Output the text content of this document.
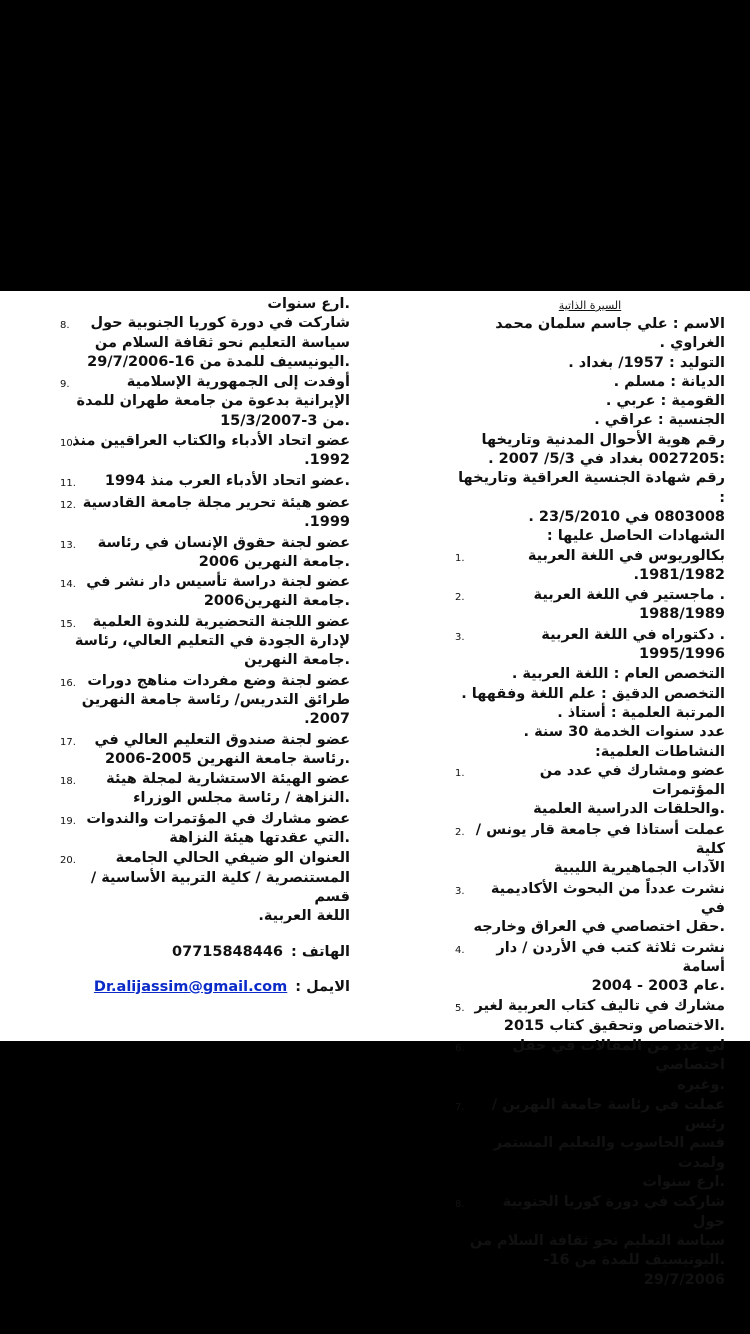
السيرة الذاتية
الاسم : علي جاسم سلمان محمد الغراوي .
التوليد : 1957/ بغداد .
الديانة : مسلم .
القومية : عربي .
الجنسية : عراقي .
رقم هوية الأحوال المدنية وتاريخها
:0027205 بغداد في 5/3/ 2007 .
رقم شهادة الجنسية العراقية وتاريخها :
0803008 في 23/5/2010 .
الشهادات الحاصل عليها :
1.	بكالوريوس في اللغة العربية
1981/1982.
2.	. ماجستير في اللغة العربية 1988/1989
3.	. دكتوراه في اللغة العربية 1995/1996
التخصص العام : اللغة العربية .
التخصص الدقيق : علم اللغة وفقهها .
المرتبة العلمية : أستاذ .
عدد سنوات الخدمة 30 سنة .
النشاطات العلمية:
1.	عضو ومشارك في عدد من المؤتمرات
.والحلقات الدراسية العلمية
2. عملت أستاذا في جامعة قار يونس / كلية
الآداب الجماهيرية الليبية
3.	نشرت عدداً من البحوث الأكاديمية في
.حقل اختصاصي في العراق وخارجه
4.	نشرت ثلاثة كتب في الأردن / دار أسامة
.عام 2003 - 2004
5. مشارك في تاليف كتاب العربية لغير
.الاختصاص وتحقيق كتاب 2015
6.	لي عدد من المقالات في حقل اختصاصي
.وغيره
7.	عملت في رئاسة جامعة النهرين / رئيس
قسم الحاسوب والتعليم المستمر ولمدت
.ارع سنوات
8.	شاركت في دورة كوريا الجنوبية حول
سياسة التعليم نحو ثقافة السلام من
.اليونيسيف للمدة من 16-29/7/2006
.ارع سنوات
8.	شاركت في دورة كوريا الجنوبية حول
سياسة التعليم نحو ثقافة السلام من
.اليونيسيف للمدة من 16-29/7/2006
9.	أوفدت إلى الجمهورية الإسلامية
الإيرانية بدعوة من جامعة طهران للمدة
.من 3-15/3/2007
10.
عضو اتحاد الأدباء والكتاب العراقيين منذ
1992.
11.	.عضو اتحاد الأدباء العرب منذ 1994
12. عضو هيئة تحرير مجلة جامعة القادسية
1999.
13.	عضو لجنة حقوق الإنسان في رئاسة
.جامعة النهرين 2006
14. عضو لجنة دراسة تأسيس دار نشر في
.جامعة النهرين2006
15.	عضو اللجنة التحضيرية للندوة العلمية
لإدارة الجودة في التعليم العالي، رئاسة
.جامعة النهرين
16. عضو لجنة وضع مفردات مناهج دورات
طرائق التدريس/ رئاسة جامعة النهرين
2007.
17.	عضو لجنة صندوق التعليم العالي في
.رئاسة جامعة النهرين 2005-2006
18.	عضو الهيئة الاستشارية لمجلة هيئة
.النزاهة / رئاسة مجلس الوزراء
19. عضو مشارك في المؤتمرات والندوات
.التي عقدتها هيئة النزاهة
20.	العنوان الو ضيفي الحالي الجامعة
المستنصرية / كلية التربية الأساسية / قسم
اللغة العربية.
الهاتف :
07715848446
الايمل :
Dr.alijassim@gmail.com
